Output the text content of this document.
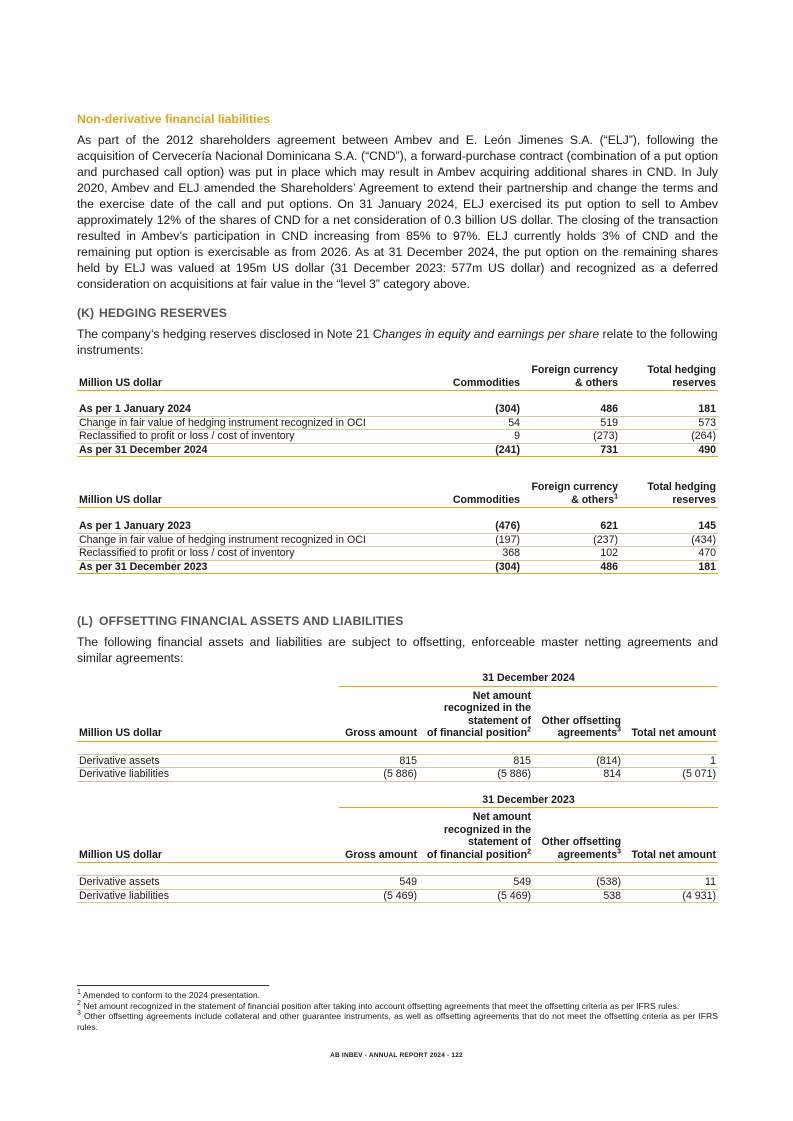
Non-derivative financial liabilities

As part of the 2012 shareholders agreement between Ambev and E. León Jimenes S.A. (“ELJ”), following the acquisition of Cervecería Nacional Dominicana S.A. (“CND”), a forward-purchase contract (combination of a put option and purchased call option) was put in place which may result in Ambev acquiring additional shares in CND. In July 2020, Ambev and ELJ amended the Shareholders’ Agreement to extend their partnership and change the terms and the exercise date of the call and put options. On 31 January 2024, ELJ exercised its put option to sell to Ambev approximately 12% of the shares of CND for a net consideration of 0.3 billion US dollar. The closing of the transaction resulted in Ambev’s participation in CND increasing from 85% to 97%. ELJ currently holds 3% of CND and the remaining put option is exercisable as from 2026. As at 31 December 2024, the put option on the remaining shares held by ELJ was valued at 195m US dollar (31 December 2023: 577m US dollar) and recognized as a deferred consideration on acquisitions at fair value in the “level 3” category above.

(K) HEDGING RESERVES

The company’s hedging reserves disclosed in Note 21 Changes in equity and earnings per share relate to the following instruments:

Million US dollar	Commodities	Foreign currency
& others	Total hedging
reserves

As per 1 January 2024	(304)	486	181
Change in fair value of hedging instrument recognized in OCI	54	519	573
Reclassified to profit or loss / cost of inventory	9	(273)	(264)
As per 31 December 2024	(241)	731	490
Million US dollar	Commodities	Foreign currency
& others$^1$	Total hedging
reserves

As per 1 January 2023	(476)	621	145
Change in fair value of hedging instrument recognized in OCI	(197)	(237)	(434)
Reclassified to profit or loss / cost of inventory	368	102	470
As per 31 December 2023	(304)	486	181
(L) OFFSETTING FINANCIAL ASSETS AND LIABILITIES

The following financial assets and liabilities are subject to offsetting, enforceable master netting agreements and similar agreements:

	31 December 2024			
Million US dollar	Gross amount	Net amount
recognized in the
statement of
of financial position$^2$	Other offsetting
agreements$^3$	Total net amount

Derivative assets	815	815	(814)	1
Derivative liabilities	(5 886)	(5 886)	814	(5 071)
	31 December 2023			
Million US dollar	Gross amount	Net amount
recognized in the
statement of
of financial position$^2$	Other offsetting
agreements$^3$	Total net amount

Derivative assets	549	549	(538)	11
Derivative liabilities	(5 469)	(5 469)	538	(4 931)
$^1$ Amended to conform to the 2024 presentation.
$^2$ Net amount recognized in the statement of financial position after taking into account offsetting agreements that meet the offsetting criteria as per IFRS rules.
$^3$ Other offsetting agreements include collateral and other guarantee instruments, as well as offsetting agreements that do not meet the offsetting criteria as per IFRS rules.
AB INBEV - ANNUAL REPORT 2024 - 122
